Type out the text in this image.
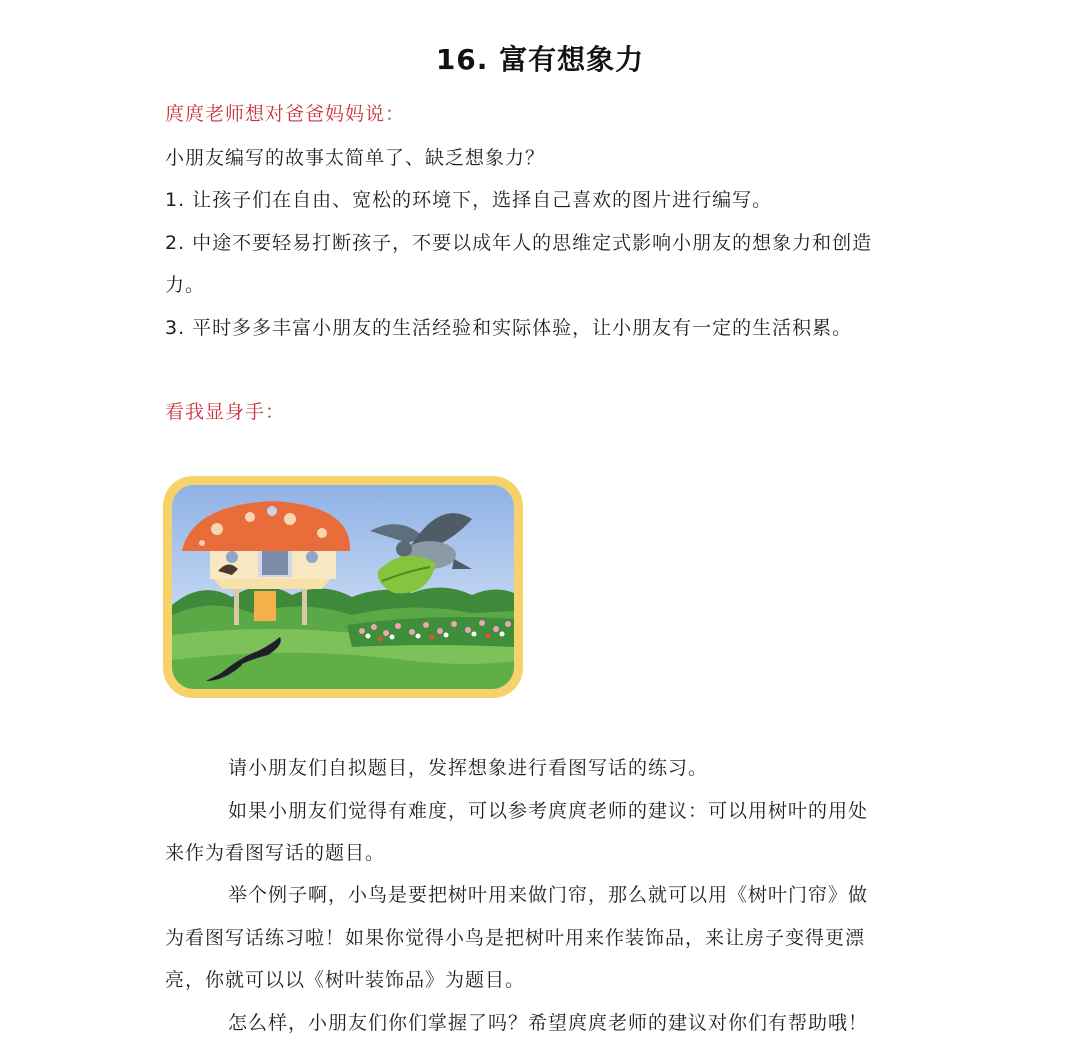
16. 富有想象力
庹庹老师想对爸爸妈妈说：
小朋友编写的故事太简单了、缺乏想象力？
1. 让孩子们在自由、宽松的环境下，选择自己喜欢的图片进行编写。
2. 中途不要轻易打断孩子，不要以成年人的思维定式影响小朋友的想象力和创造
力。
3. 平时多多丰富小朋友的生活经验和实际体验，让小朋友有一定的生活积累。
看我显身手：
请小朋友们自拟题目，发挥想象进行看图写话的练习。
如果小朋友们觉得有难度，可以参考庹庹老师的建议：可以用树叶的用处
来作为看图写话的题目。
举个例子啊，小鸟是要把树叶用来做门帘，那么就可以用《树叶门帘》做
为看图写话练习啦！如果你觉得小鸟是把树叶用来作装饰品，来让房子变得更漂
亮，你就可以以《树叶装饰品》为题目。
怎么样，小朋友们你们掌握了吗？希望庹庹老师的建议对你们有帮助哦！
